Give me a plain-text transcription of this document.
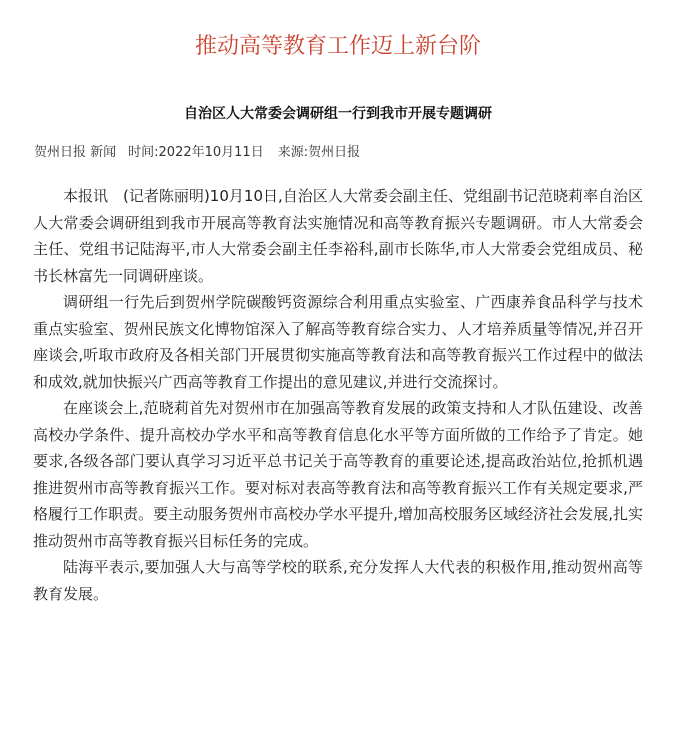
推动高等教育工作迈上新台阶
自治区人大常委会调研组一行到我市开展专题调研
贺州日报 新闻 时间:2022年10月11日 来源:贺州日报

本报讯　(记者陈丽明)10月10日,自治区人大常委会副主任、党组副书记范晓莉率自治区人大常委会调研组到我市开展高等教育法实施情况和高等教育振兴专题调研。市人大常委会主任、党组书记陆海平,市人大常委会副主任李裕科,副市长陈华,市人大常委会党组成员、秘书长林富先一同调研座谈。

调研组一行先后到贺州学院碳酸钙资源综合利用重点实验室、广西康养食品科学与技术重点实验室、贺州民族文化博物馆深入了解高等教育综合实力、人才培养质量等情况,并召开座谈会,听取市政府及各相关部门开展贯彻实施高等教育法和高等教育振兴工作过程中的做法和成效,就加快振兴广西高等教育工作提出的意见建议,并进行交流探讨。

在座谈会上,范晓莉首先对贺州市在加强高等教育发展的政策支持和人才队伍建设、改善高校办学条件、提升高校办学水平和高等教育信息化水平等方面所做的工作给予了肯定。她要求,各级各部门要认真学习习近平总书记关于高等教育的重要论述,提高政治站位,抢抓机遇推进贺州市高等教育振兴工作。要对标对表高等教育法和高等教育振兴工作有关规定要求,严格履行工作职责。要主动服务贺州市高校办学水平提升,增加高校服务区域经济社会发展,扎实推动贺州市高等教育振兴目标任务的完成。

陆海平表示,要加强人大与高等学校的联系,充分发挥人大代表的积极作用,推动贺州高等教育发展。
